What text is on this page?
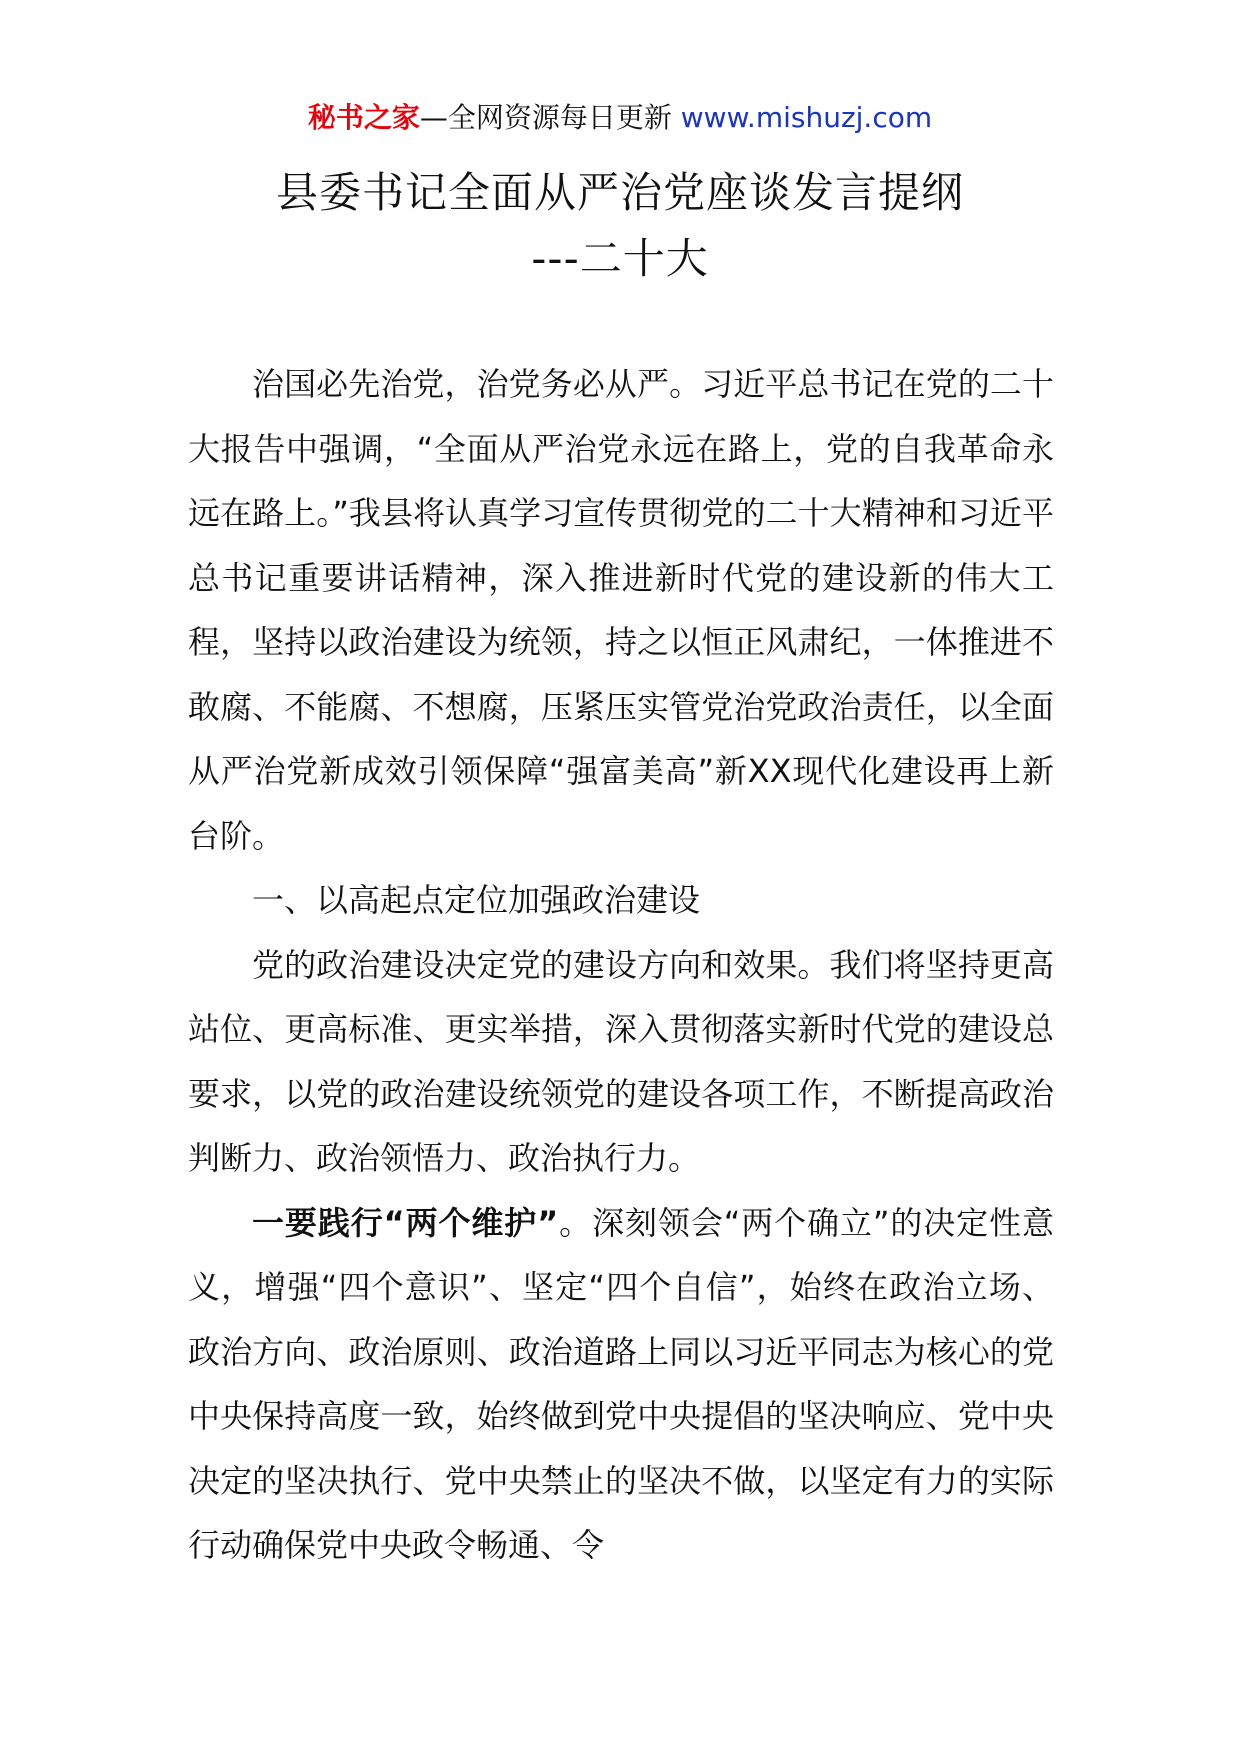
秘书之家—全网资源每日更新 www.mishuzj.com
县委书记全面从严治党座谈发言提纲
---二十大

治国必先治党，治党务必从严。习近平总书记在党的二十大报告中强调，“全面从严治党永远在路上，党的自我革命永远在路上。”我县将认真学习宣传贯彻党的二十大精神和习近平总书记重要讲话精神，深入推进新时代党的建设新的伟大工程，坚持以政治建设为统领，持之以恒正风肃纪，一体推进不敢腐、不能腐、不想腐，压紧压实管党治党政治责任，以全面从严治党新成效引领保障“强富美高”新XX现代化建设再上新台阶。

一、以高起点定位加强政治建设

党的政治建设决定党的建设方向和效果。我们将坚持更高站位、更高标准、更实举措，深入贯彻落实新时代党的建设总要求，以党的政治建设统领党的建设各项工作，不断提高政治判断力、政治领悟力、政治执行力。

一要践行“两个维护”。深刻领会“两个确立”的决定性意义，增强“四个意识”、坚定“四个自信”，始终在政治立场、政治方向、政治原则、政治道路上同以习近平同志为核心的党中央保持高度一致，始终做到党中央提倡的坚决响应、党中央决定的坚决执行、党中央禁止的坚决不做，以坚定有力的实际行动确保党中央政令畅通、令
